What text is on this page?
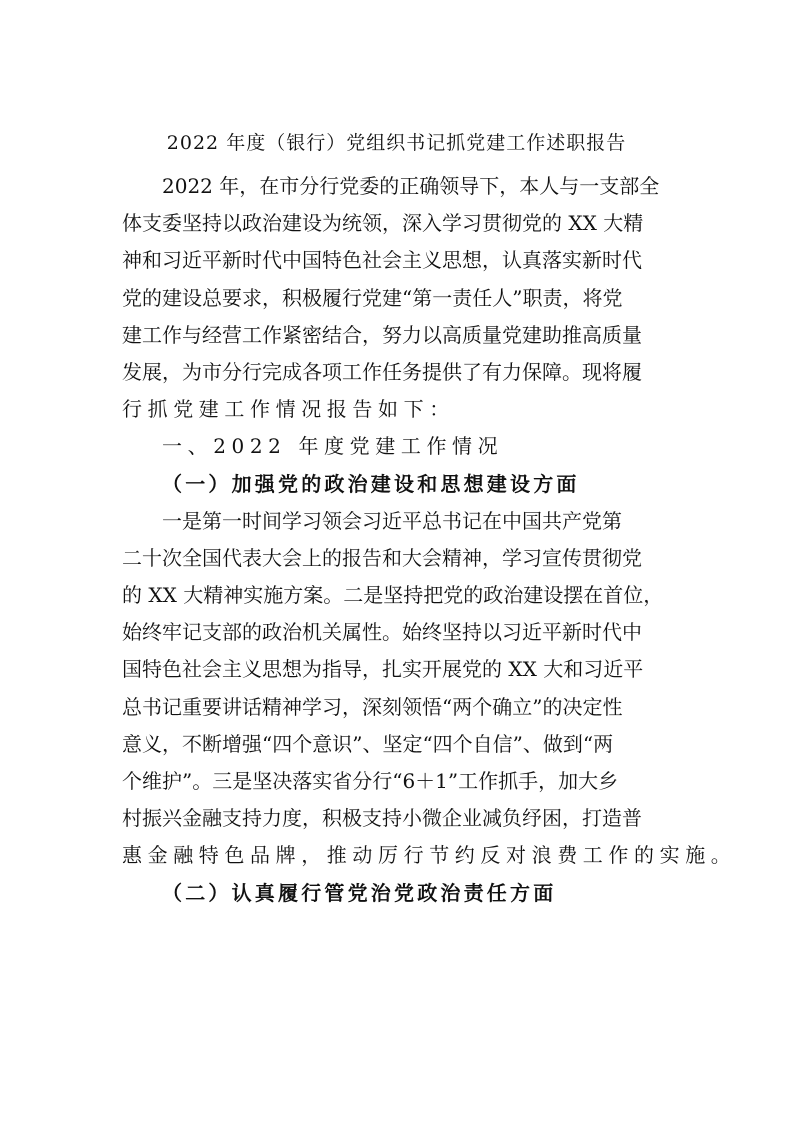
2022 年度（银行）党组织书记抓党建工作述职报告
2022 年，在市分行党委的正确领导下，本人与一支部全
体支委坚持以政治建设为统领，深入学习贯彻党的 XX 大精
神和习近平新时代中国特色社会主义思想，认真落实新时代
党的建设总要求，积极履行党建“第一责任人”职责，将党
建工作与经营工作紧密结合，努力以高质量党建助推高质量
发展，为市分行完成各项工作任务提供了有力保障。现将履
行抓党建工作情况报告如下：
一、2022 年度党建工作情况
（一）加强党的政治建设和思想建设方面
一是第一时间学习领会习近平总书记在中国共产党第
二十次全国代表大会上的报告和大会精神，学习宣传贯彻党
的 XX 大精神实施方案。二是坚持把党的政治建设摆在首位，
始终牢记支部的政治机关属性。始终坚持以习近平新时代中
国特色社会主义思想为指导，扎实开展党的 XX 大和习近平
总书记重要讲话精神学习，深刻领悟“两个确立”的决定性
意义，不断增强“四个意识”、坚定“四个自信”、做到“两
个维护”。三是坚决落实省分行“6＋1”工作抓手，加大乡
村振兴金融支持力度，积极支持小微企业减负纾困，打造普
惠金融特色品牌，推动厉行节约反对浪费工作的实施。
（二）认真履行管党治党政治责任方面
